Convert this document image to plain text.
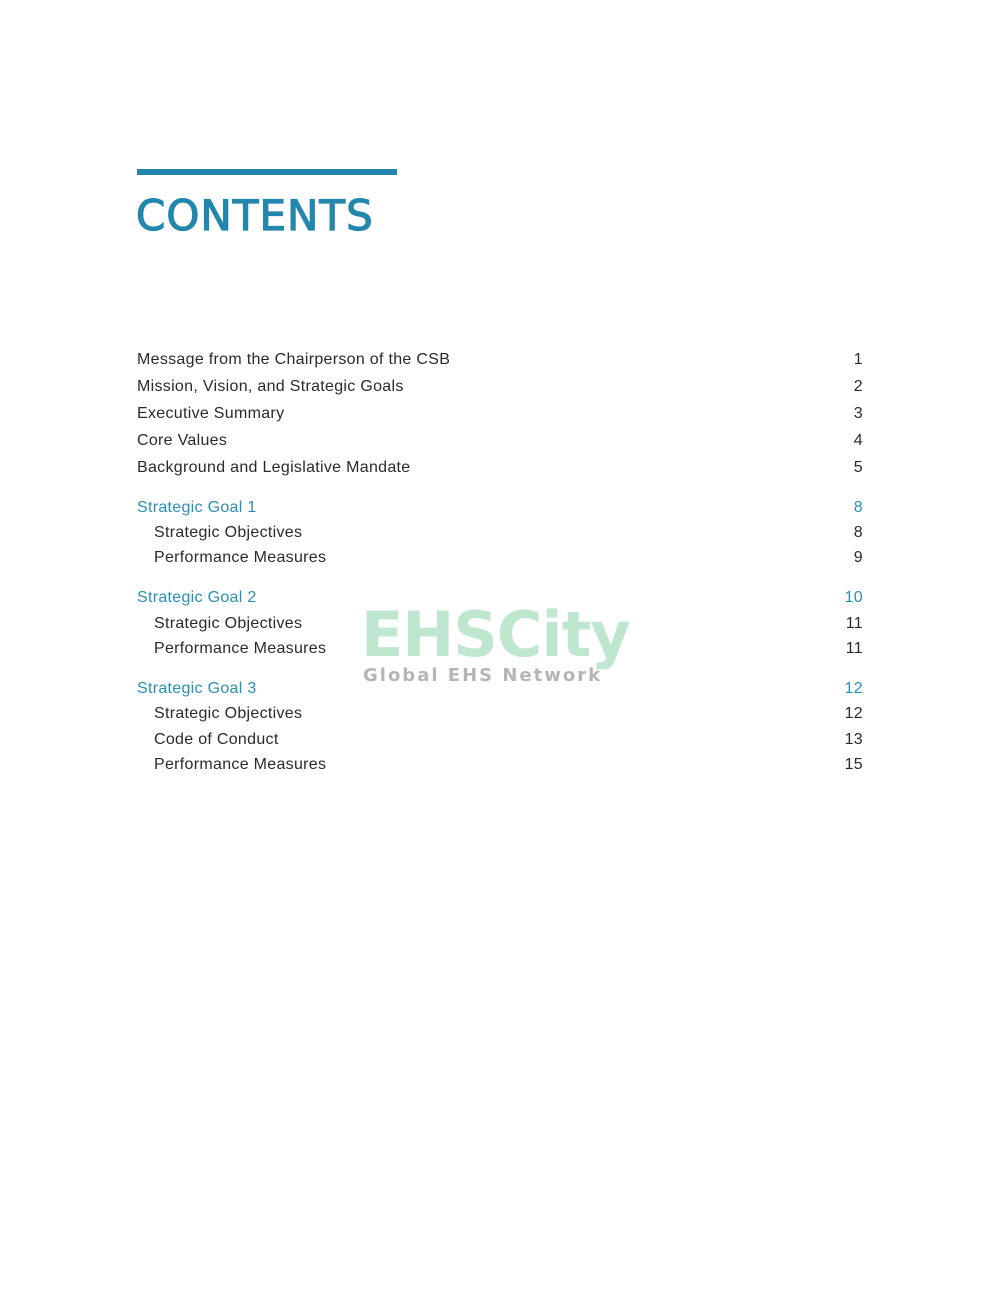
CONTENTS
Message from the Chairperson of the CSB	1
Mission, Vision, and Strategic Goals	2
Executive Summary	3
Core Values	4
Background and Legislative Mandate	5
Strategic Goal 1	8
Strategic Objectives	8
Performance Measures	9
Strategic Goal 2	10
Strategic Objectives	11
Performance Measures	11
Strategic Goal 3	12
Strategic Objectives	12
Code of Conduct	13
Performance Measures	15
EHSCity
Global EHS Network
